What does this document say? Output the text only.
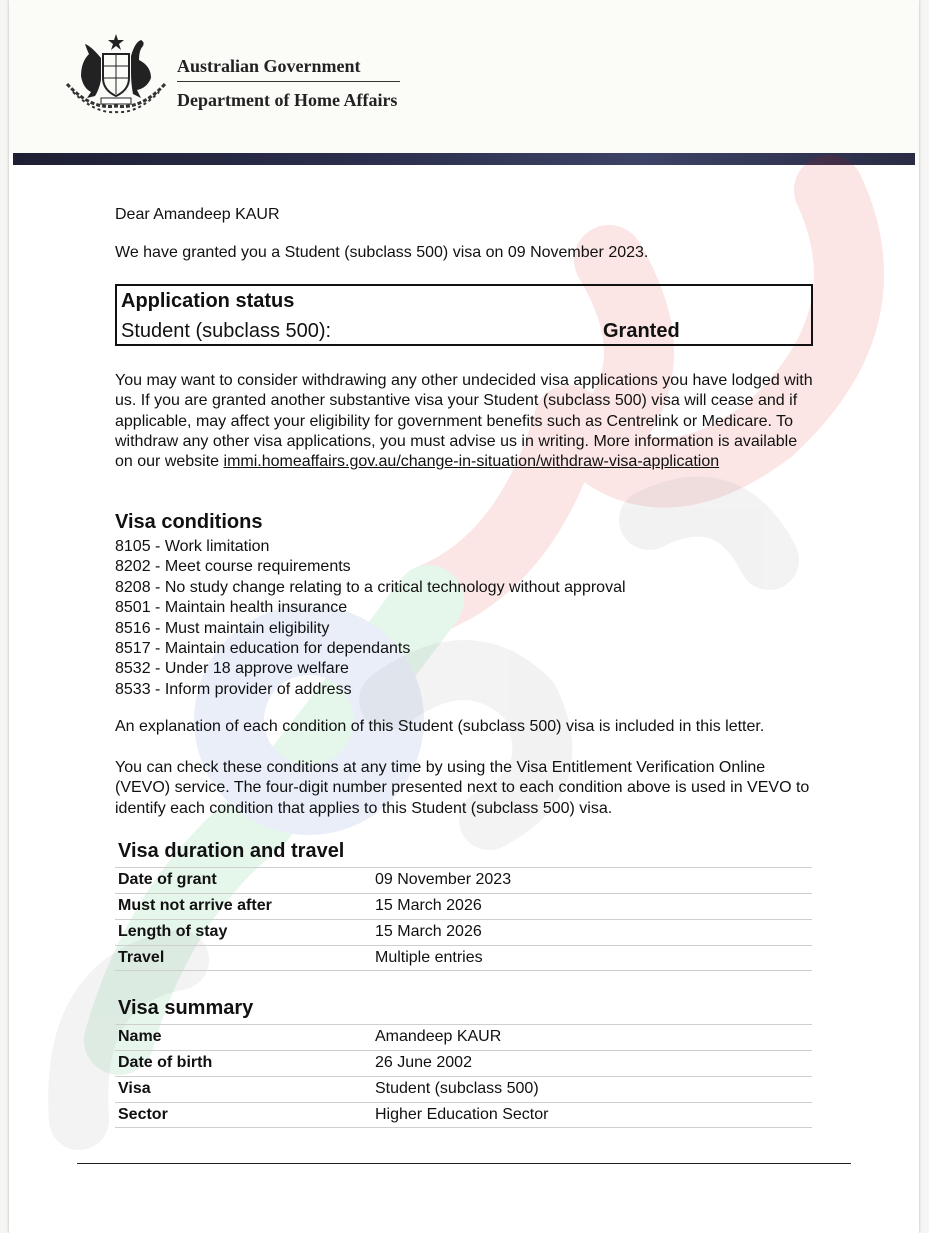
Australian Government
Department of Home Affairs
Dear Amandeep KAUR
We have granted you a Student (subclass 500) visa on 09 November 2023.
Application status
Student (subclass 500):	Granted
You may want to consider withdrawing any other undecided visa applications you have lodged with us. If you are granted another substantive visa your Student (subclass 500) visa will cease and if applicable, may affect your eligibility for government benefits such as Centrelink or Medicare. To withdraw any other visa applications, you must advise us in writing. More information is available on our website immi.homeaffairs.gov.au/change-in-situation/withdraw-visa-application
Visa conditions
8105 - Work limitation
8202 - Meet course requirements
8208 - No study change relating to a critical technology without approval
8501 - Maintain health insurance
8516 - Must maintain eligibility
8517 - Maintain education for dependants
8532 - Under 18 approve welfare
8533 - Inform provider of address
An explanation of each condition of this Student (subclass 500) visa is included in this letter.
You can check these conditions at any time by using the Visa Entitlement Verification Online (VEVO) service. The four-digit number presented next to each condition above is used in VEVO to identify each condition that applies to this Student (subclass 500) visa.
Visa duration and travel
Date of grant	09 November 2023
Must not arrive after	15 March 2026
Length of stay	15 March 2026
Travel	Multiple entries
Visa summary
Name	Amandeep KAUR
Date of birth	26 June 2002
Visa	Student (subclass 500)
Sector	Higher Education Sector
